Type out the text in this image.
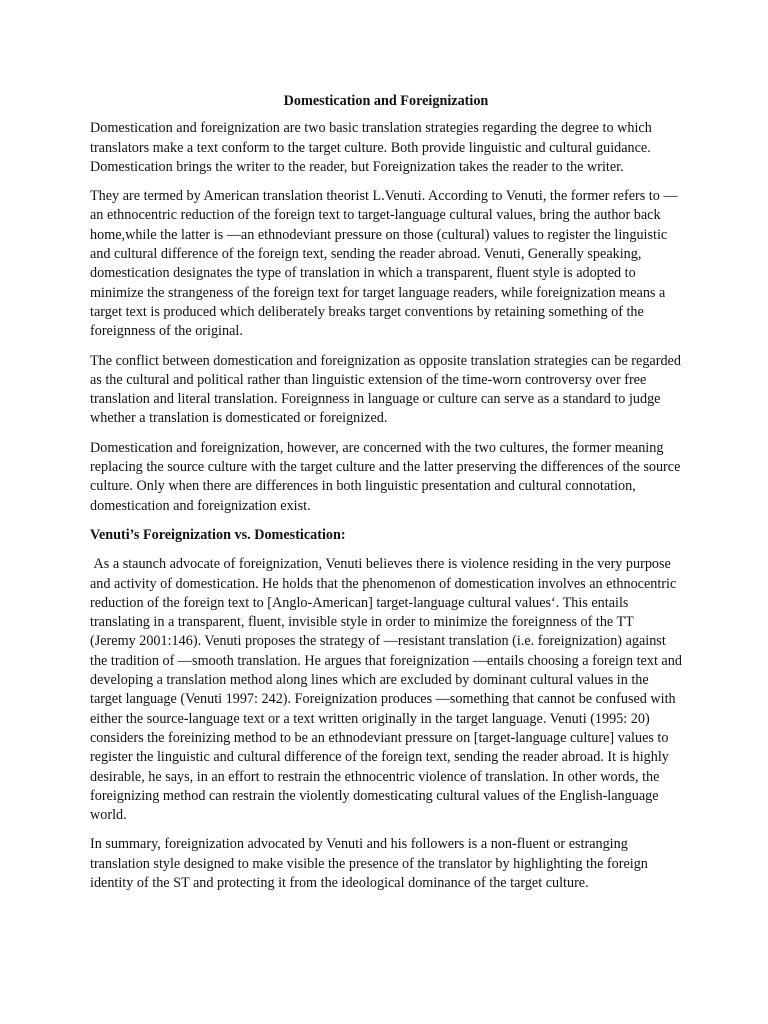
Domestication and Foreignization

Domestication and foreignization are two basic translation strategies regarding the degree to which translators make a text conform to the target culture. Both provide linguistic and cultural guidance. Domestication brings the writer to the reader, but Foreignization takes the reader to the writer.

They are termed by American translation theorist L.Venuti. According to Venuti, the former refers to —an ethnocentric reduction of the foreign text to target-language cultural values, bring the author back home,while the latter is —an ethnodeviant pressure on those (cultural) values to register the linguistic and cultural difference of the foreign text, sending the reader abroad. Venuti, Generally speaking, domestication designates the type of translation in which a transparent, fluent style is adopted to minimize the strangeness of the foreign text for target language readers, while foreignization means a target text is produced which deliberately breaks target conventions by retaining something of the foreignness of the original.

The conflict between domestication and foreignization as opposite translation strategies can be regarded as the cultural and political rather than linguistic extension of the time-worn controversy over free translation and literal translation. Foreignness in language or culture can serve as a standard to judge whether a translation is domesticated or foreignized.

Domestication and foreignization, however, are concerned with the two cultures, the former meaning replacing the source culture with the target culture and the latter preserving the differences of the source culture. Only when there are differences in both linguistic presentation and cultural connotation, domestication and foreignization exist.

Venuti’s Foreignization vs. Domestication:

As a staunch advocate of foreignization, Venuti believes there is violence residing in the very purpose and activity of domestication. He holds that the phenomenon of domestication involves an ethnocentric reduction of the foreign text to [Anglo-American] target-language cultural values‘. This entails translating in a transparent, fluent, invisible style in order to minimize the foreignness of the TT (Jeremy 2001:146). Venuti proposes the strategy of —resistant translation (i.e. foreignization) against the tradition of —smooth translation. He argues that foreignization —entails choosing a foreign text and developing a translation method along lines which are excluded by dominant cultural values in the target language (Venuti 1997: 242). Foreignization produces —something that cannot be confused with either the source-language text or a text written originally in the target language. Venuti (1995: 20) considers the foreinizing method to be an ethnodeviant pressure on [target-language culture] values to register the linguistic and cultural difference of the foreign text, sending the reader abroad. It is highly desirable, he says, in an effort to restrain the ethnocentric violence of translation. In other words, the foreignizing method can restrain the violently domesticating cultural values of the English-language world.

In summary, foreignization advocated by Venuti and his followers is a non-fluent or estranging translation style designed to make visible the presence of the translator by highlighting the foreign identity of the ST and protecting it from the ideological dominance of the target culture.
